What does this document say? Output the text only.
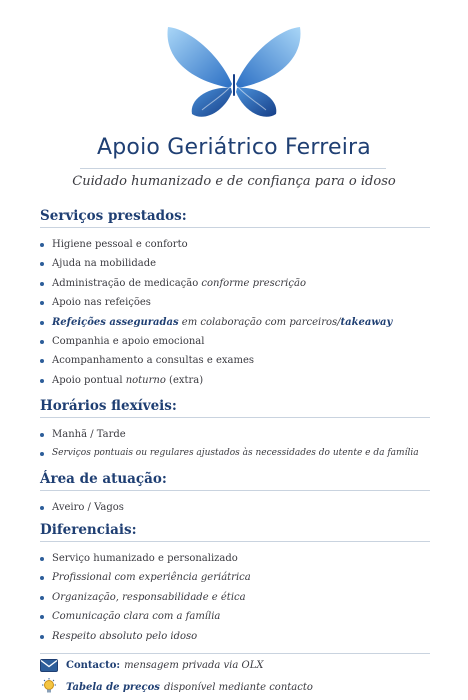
Apoio Geriátrico Ferreira
Cuidado humanizado e de confiança para o idoso
Serviços prestados:
Higiene pessoal e conforto
Ajuda na mobilidade
Administração de medicação conforme prescrição
Apoio nas refeições
Refeições asseguradas em colaboração com parceiros/takeaway
Companhia e apoio emocional
Acompanhamento a consultas e exames
Apoio pontual noturno (extra)
Horários flexíveis:
Manhã / Tarde
Serviços pontuais ou regulares ajustados às necessidades do utente e da família
Área de atuação:
Aveiro / Vagos
Diferenciais:
Serviço humanizado e personalizado
Profissional com experiência geriátrica
Organização, responsabilidade e ética
Comunicação clara com a família
Respeito absoluto pelo idoso
Contacto: mensagem privada via OLX
Tabela de preços disponível mediante contacto
